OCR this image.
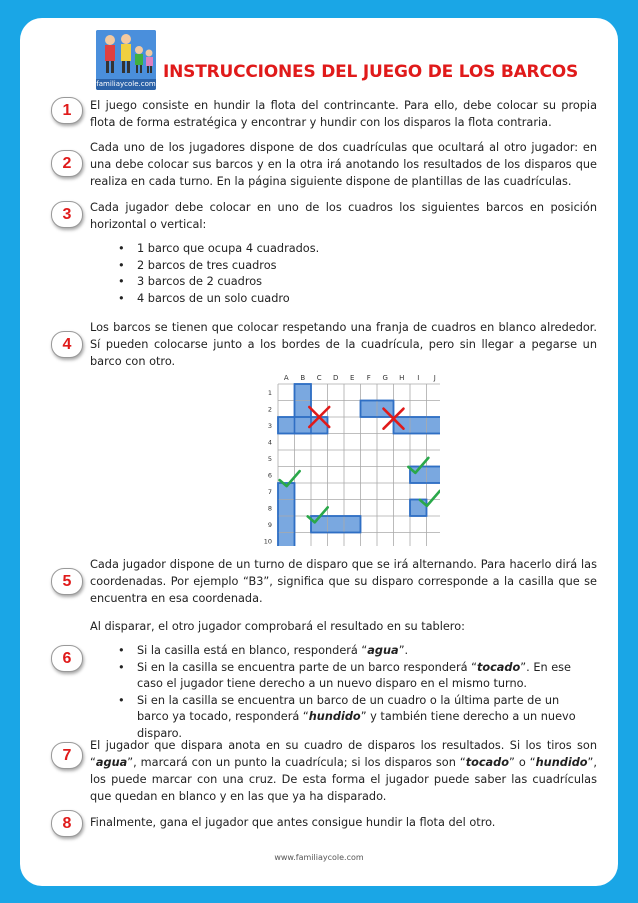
familiaycole.com
INSTRUCCIONES DEL JUEGO DE LOS BARCOS
1
2
3
4
5
6
7
8
El juego consiste en hundir la flota del contrincante. Para ello, debe colocar su propia flota de forma estratégica y encontrar y hundir con los disparos la flota contraria.
Cada uno de los jugadores dispone de dos cuadrículas que ocultará al otro jugador: en una debe colocar sus barcos y en la otra irá anotando los resultados de los disparos que realiza en cada turno. En la página siguiente dispone de plantillas de las cuadrículas.
Cada jugador debe colocar en uno de los cuadros los siguientes barcos en posición horizontal o vertical:
• 1 barco que ocupa 4 cuadrados.
• 2 barcos de tres cuadros
• 3 barcos de 2 cuadros
• 4 barcos de un solo cuadro
Los barcos se tienen que colocar respetando una franja de cuadros en blanco alrededor. Sí pueden colocarse junto a los bordes de la cuadrícula, pero sin llegar a pegarse un barco con otro.
A B C D E F G H I J
1
2
3
4
5
6
7
8
9
10
Cada jugador dispone de un turno de disparo que se irá alternando. Para hacerlo dirá las coordenadas. Por ejemplo “B3”, significa que su disparo corresponde a la casilla que se encuentra en esa coordenada.
Al disparar, el otro jugador comprobará el resultado en su tablero:
• Si la casilla está en blanco, responderá “agua”.
• Si en la casilla se encuentra parte de un barco responderá “tocado”. En ese caso el jugador tiene derecho a un nuevo disparo en el mismo turno.
• Si en la casilla se encuentra un barco de un cuadro o la última parte de un barco ya tocado, responderá “hundido” y también tiene derecho a un nuevo disparo.
El jugador que dispara anota en su cuadro de disparos los resultados. Si los tiros son “agua”, marcará con un punto la cuadrícula; si los disparos son “tocado” o “hundido”, los puede marcar con una cruz. De esta forma el jugador puede saber las cuadrículas que quedan en blanco y en las que ya ha disparado.
Finalmente, gana el jugador que antes consigue hundir la flota del otro.
www.familiaycole.com
